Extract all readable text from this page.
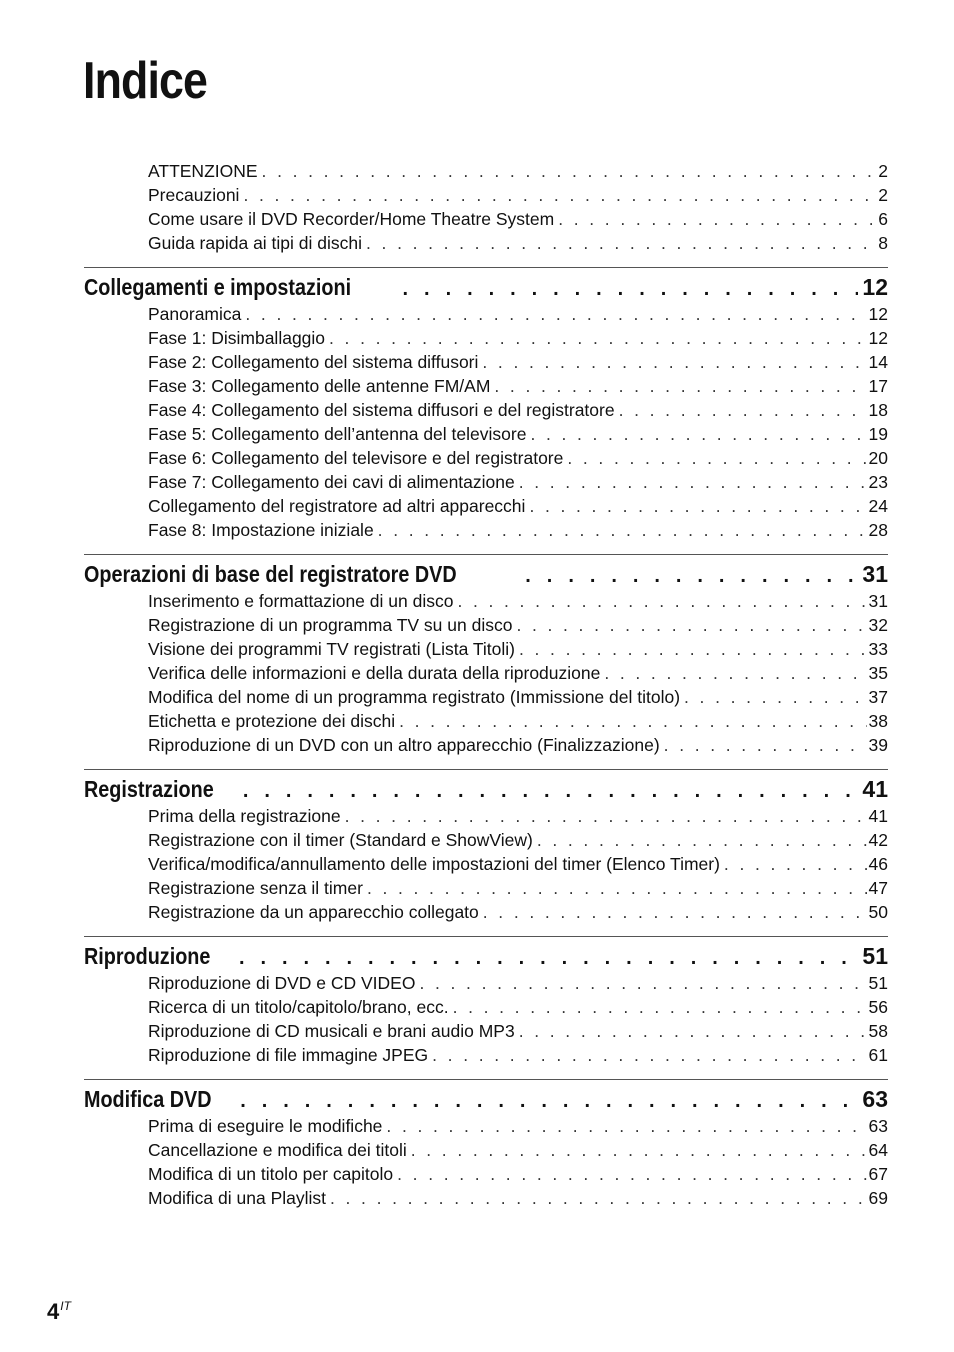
Indice
ATTENZIONE . . .	2
Precauzioni . . .	2
Come usare il DVD Recorder/Home Theatre System . . .	6
Guida rapida ai tipi di dischi . . .	8
Collegamenti e impostazioni . . .	12
Panoramica . . .	12
Fase 1: Disimballaggio . . .	12
Fase 2: Collegamento del sistema diffusori . . .	14
Fase 3: Collegamento delle antenne FM/AM . . .	17
Fase 4: Collegamento del sistema diffusori e del registratore . . .	18
Fase 5: Collegamento dell’antenna del televisore . . .	19
Fase 6: Collegamento del televisore e del registratore . . .	20
Fase 7: Collegamento dei cavi di alimentazione . . .	23
Collegamento del registratore ad altri apparecchi . . .	24
Fase 8: Impostazione iniziale . . .	28
Operazioni di base del registratore DVD . . .	31
Inserimento e formattazione di un disco . . .	31
Registrazione di un programma TV su un disco . . .	32
Visione dei programmi TV registrati (Lista Titoli) . . .	33
Verifica delle informazioni e della durata della riproduzione . . .	35
Modifica del nome di un programma registrato (Immissione del titolo) . . .	37
Etichetta e protezione dei dischi . . .	38
Riproduzione di un DVD con un altro apparecchio (Finalizzazione) . . .	39
Registrazione . . .	41
Prima della registrazione . . .	41
Registrazione con il timer (Standard e ShowView) . . .	42
Verifica/modifica/annullamento delle impostazioni del timer (Elenco Timer) . . .	46
Registrazione senza il timer . . .	47
Registrazione da un apparecchio collegato . . .	50
Riproduzione . . .	51
Riproduzione di DVD e CD VIDEO . . .	51
Ricerca di un titolo/capitolo/brano, ecc. . . .	56
Riproduzione di CD musicali e brani audio MP3 . . .	58
Riproduzione di file immagine JPEG . . .	61
Modifica DVD . . .	63
Prima di eseguire le modifiche . . .	63
Cancellazione e modifica dei titoli . . .	64
Modifica di un titolo per capitolo . . .	67
Modifica di una Playlist . . .	69
$4^{IT}$
